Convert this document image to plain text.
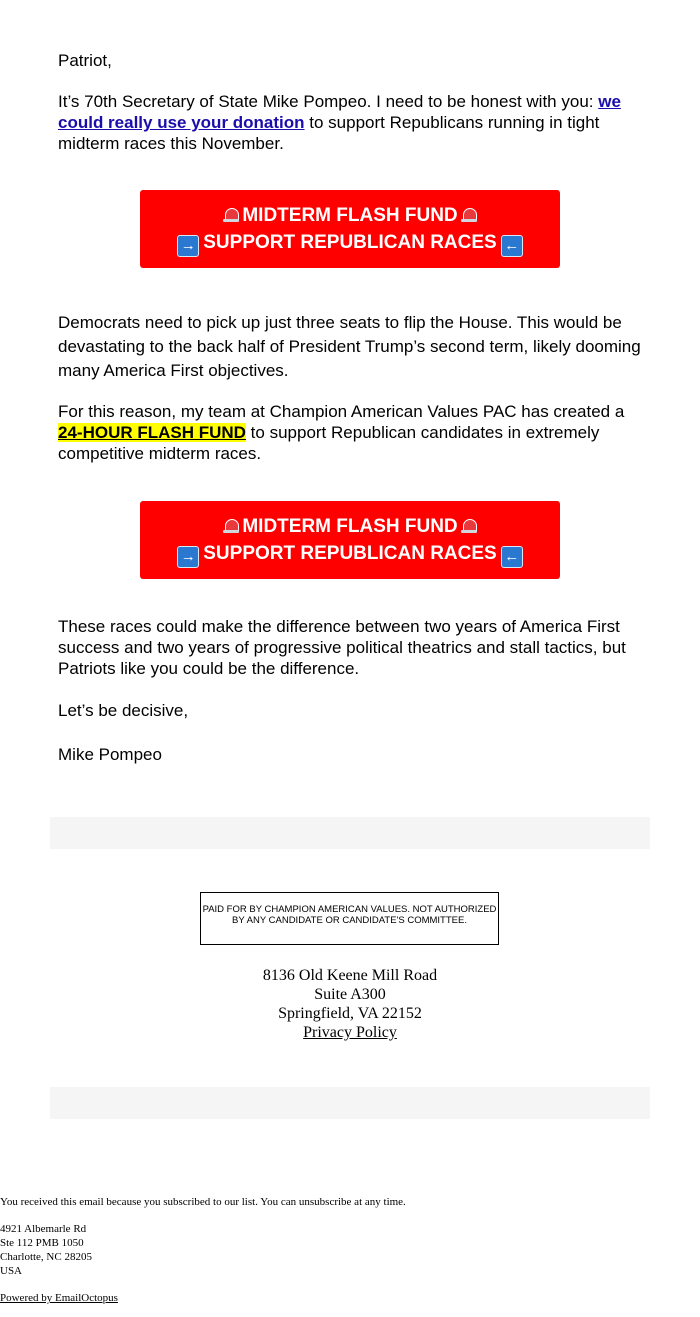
Patriot,

It’s 70th Secretary of State Mike Pompeo. I need to be honest with you: we could really use your donation to support Republicans running in tight midterm races this November.

Democrats need to pick up just three seats to flip the House. This would be devastating to the back half of President Trump’s second term, likely dooming many America First objectives.

For this reason, my team at Champion American Values PAC has created a 24-HOUR FLASH FUND to support Republican candidates in extremely competitive midterm races.

These races could make the difference between two years of America First success and two years of progressive political theatrics and stall tactics, but Patriots like you could be the difference.

Let’s be decisive,

Mike Pompeo

MIDTERM FLASH FUND
→ SUPPORT REPUBLICAN RACES ←
MIDTERM FLASH FUND
→ SUPPORT REPUBLICAN RACES ←
PAID FOR BY CHAMPION AMERICAN VALUES. NOT AUTHORIZED BY ANY CANDIDATE OR CANDIDATE'S COMMITTEE.
8136 Old Keene Mill Road
Suite A300
Springfield, VA 22152
Privacy Policy

You received this email because you subscribed to our list. You can unsubscribe at any time.

4921 Albemarle Rd

Ste 112 PMB 1050

Charlotte, NC 28205

USA

Powered by EmailOctopus
